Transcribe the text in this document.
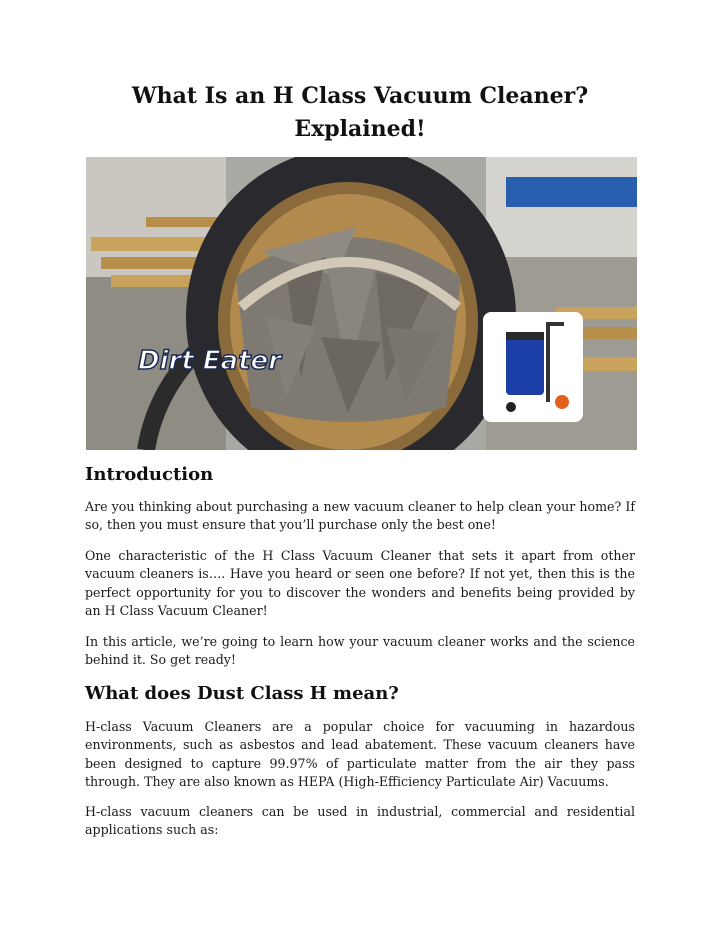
What Is an H Class Vacuum Cleaner? Explained!
Dirt Eater
Introduction

Are you thinking about purchasing a new vacuum cleaner to help clean your home? If so, then you must ensure that you’ll purchase only the best one!

One characteristic of the H Class Vacuum Cleaner that sets it apart from other vacuum cleaners is…. Have you heard or seen one before? If not yet, then this is the perfect opportunity for you to discover the wonders and benefits being provided by an H Class Vacuum Cleaner!

In this article, we’re going to learn how your vacuum cleaner works and the science behind it. So get ready!

What does Dust Class H mean?

H-class Vacuum Cleaners are a popular choice for vacuuming in hazardous environments, such as asbestos and lead abatement. These vacuum cleaners have been designed to capture 99.97% of particulate matter from the air they pass through. They are also known as HEPA (High-Efficiency Particulate Air) Vacuums.

H-class vacuum cleaners can be used in industrial, commercial and residential applications such as:
